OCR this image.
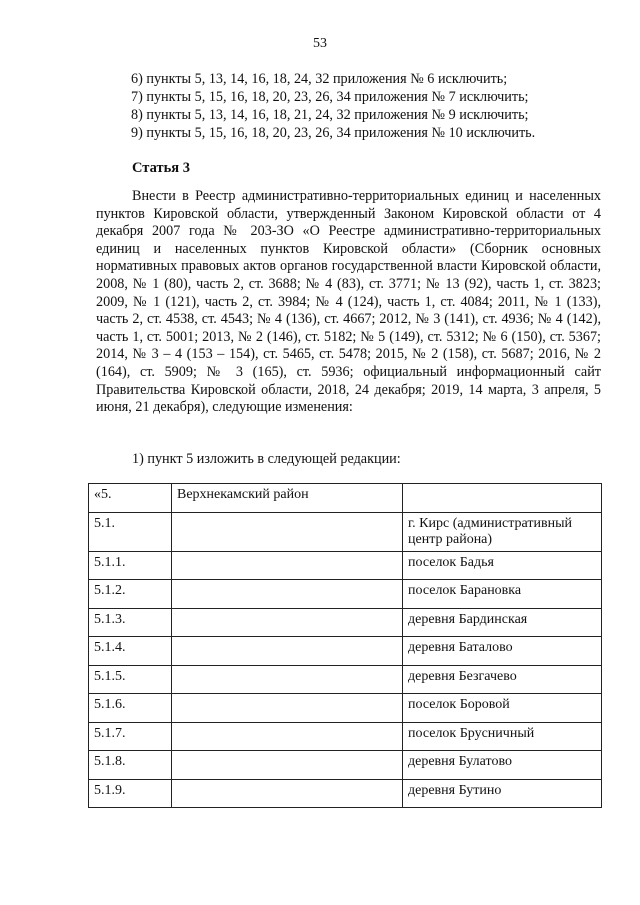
53
6) пункты 5, 13, 14, 16, 18, 24, 32 приложения № 6 исключить;
7) пункты 5, 15, 16, 18, 20, 23, 26, 34 приложения № 7 исключить;
8) пункты 5, 13, 14, 16, 18, 21, 24, 32 приложения № 9 исключить;
9) пункты 5, 15, 16, 18, 20, 23, 26, 34 приложения № 10 исключить.
Статья 3

Внести в Реестр административно-территориальных единиц и населенных пунктов Кировской области, утвержденный Законом Кировской области от 4 декабря 2007 года № 203-ЗО «О Реестре административно-территориальных единиц и населенных пунктов Кировской области» (Сборник основных нормативных правовых актов органов государственной власти Кировской области, 2008, № 1 (80), часть 2, ст. 3688; № 4 (83), ст. 3771; № 13 (92), часть 1, ст. 3823; 2009, № 1 (121), часть 2, ст. 3984; № 4 (124), часть 1, ст. 4084; 2011, № 1 (133), часть 2, ст. 4538, ст. 4543; № 4 (136), ст. 4667; 2012, № 3 (141), ст. 4936; № 4 (142), часть 1, ст. 5001; 2013, № 2 (146), ст. 5182; № 5 (149), ст. 5312; № 6 (150), ст. 5367; 2014, № 3 – 4 (153 – 154), ст. 5465, ст. 5478; 2015, № 2 (158), ст. 5687; 2016, № 2 (164), ст. 5909; № 3 (165), ст. 5936; официальный информационный сайт Правительства Кировской области, 2018, 24 декабря; 2019, 14 марта, 3 апреля, 5 июня, 21 декабря), следующие изменения:

1) пункт 5 изложить в следующей редакции:
«5.	Верхнекамский район	
5.1.		г. Кирс (административный центр района)
5.1.1.		поселок Бадья
5.1.2.		поселок Барановка
5.1.3.		деревня Бардинская
5.1.4.		деревня Баталово
5.1.5.		деревня Безгачево
5.1.6.		поселок Боровой
5.1.7.		поселок Брусничный
5.1.8.		деревня Булатово
5.1.9.		деревня Бутино
